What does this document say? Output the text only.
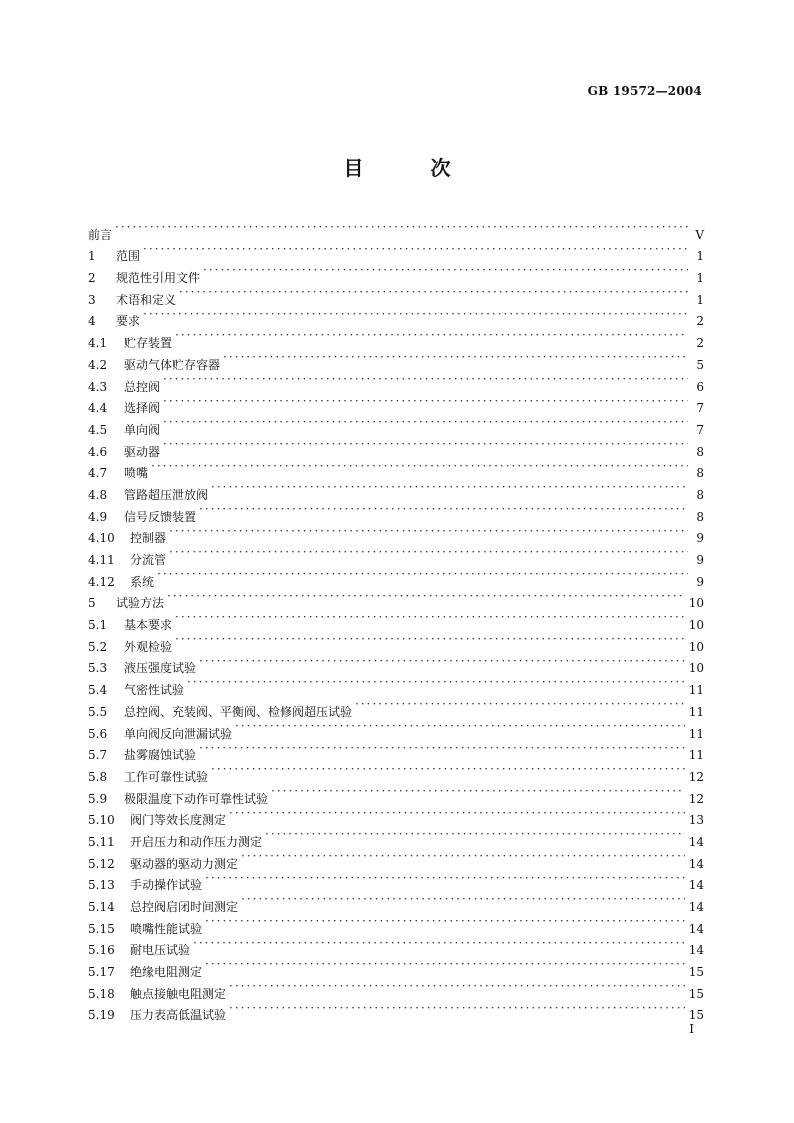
GB 19572—2004
目 次
前言 ·····	Ⅴ
1	范围 ·····	1
2	规范性引用文件 ·····	1
3	术语和定义 ·····	1
4	要求 ·····	2
4.1	贮存装置 ·····	2
4.2	驱动气体贮存容器 ·····	5
4.3	总控阀 ·····	6
4.4	选择阀 ·····	7
4.5	单向阀 ·····	7
4.6	驱动器 ·····	8
4.7	喷嘴 ·····	8
4.8	管路超压泄放阀 ·····	8
4.9	信号反馈装置 ·····	8
4.10	控制器 ·····	9
4.11	分流管 ·····	9
4.12	系统 ·····	9
5	试验方法 ·····	10
5.1	基本要求 ·····	10
5.2	外观检验 ·····	10
5.3	液压强度试验 ·····	10
5.4	气密性试验 ·····	11
5.5	总控阀、充装阀、平衡阀、检修阀超压试验 ·····	11
5.6	单向阀反向泄漏试验 ·····	11
5.7	盐雾腐蚀试验 ·····	11
5.8	工作可靠性试验 ·····	12
5.9	极限温度下动作可靠性试验 ·····	12
5.10	阀门等效长度测定 ·····	13
5.11	开启压力和动作压力测定 ·····	14
5.12	驱动器的驱动力测定 ·····	14
5.13	手动操作试验 ·····	14
5.14	总控阀启闭时间测定 ·····	14
5.15	喷嘴性能试验 ·····	14
5.16	耐电压试验 ·····	14
5.17	绝缘电阻测定 ·····	15
5.18	触点接触电阻测定 ·····	15
5.19	压力表高低温试验 ·····	15
Ⅰ
